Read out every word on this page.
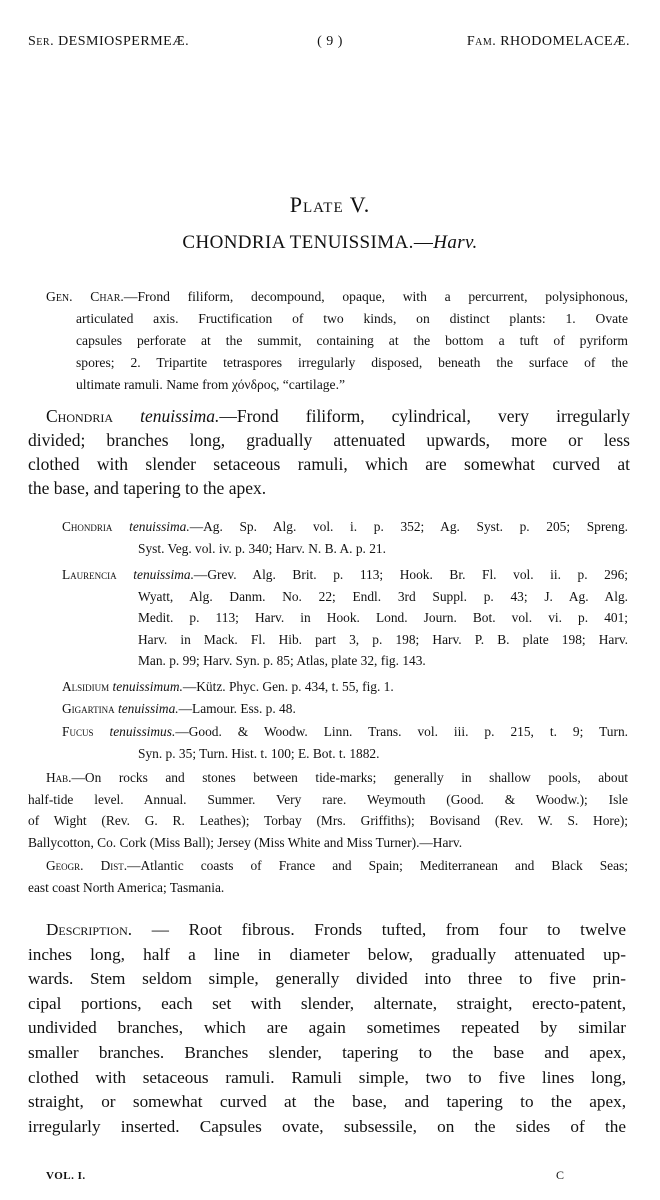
Ser. DESMIOSPERMEÆ.	( 9 )	Fam. RHODOMELACEÆ.
Plate V.
CHONDRIA TENUISSIMA.—Harv.
Gen. Char.—Frond filiform, decompound, opaque, with a percurrent, polysiphonous,
articulated axis. Fructification of two kinds, on distinct plants: 1. Ovate
capsules perforate at the summit, containing at the bottom a tuft of pyriform
spores; 2. Tripartite tetraspores irregularly disposed, beneath the surface of the
ultimate ramuli. Name from χόνδρος, “cartilage.”
Chondria tenuissima.—Frond filiform, cylindrical, very irregularly
divided; branches long, gradually attenuated upwards, more or less
clothed with slender setaceous ramuli, which are somewhat curved at
the base, and tapering to the apex.
Chondria tenuissima.—Ag. Sp. Alg. vol. i. p. 352; Ag. Syst. p. 205; Spreng.
Syst. Veg. vol. iv. p. 340; Harv. N. B. A. p. 21.
Laurencia tenuissima.—Grev. Alg. Brit. p. 113; Hook. Br. Fl. vol. ii. p. 296;
Wyatt, Alg. Danm. No. 22; Endl. 3rd Suppl. p. 43; J. Ag. Alg.
Medit. p. 113; Harv. in Hook. Lond. Journ. Bot. vol. vi. p. 401;
Harv. in Mack. Fl. Hib. part 3, p. 198; Harv. P. B. plate 198; Harv.
Man. p. 99; Harv. Syn. p. 85; Atlas, plate 32, fig. 143.
Alsidium tenuissimum.—Kütz. Phyc. Gen. p. 434, t. 55, fig. 1.
Gigartina tenuissima.—Lamour. Ess. p. 48.
Fucus tenuissimus.—Good. & Woodw. Linn. Trans. vol. iii. p. 215, t. 9; Turn.
Syn. p. 35; Turn. Hist. t. 100; E. Bot. t. 1882.
Hab.—On rocks and stones between tide-marks; generally in shallow pools, about
half-tide level. Annual. Summer. Very rare. Weymouth (Good. & Woodw.); Isle
of Wight (Rev. G. R. Leathes); Torbay (Mrs. Griffiths); Bovisand (Rev. W. S. Hore);
Ballycotton, Co. Cork (Miss Ball); Jersey (Miss White and Miss Turner).—Harv.
Geogr. Dist.—Atlantic coasts of France and Spain; Mediterranean and Black Seas;
east coast North America; Tasmania.
Description. — Root fibrous. Fronds tufted, from four to twelve
inches long, half a line in diameter below, gradually attenuated up-
wards. Stem seldom simple, generally divided into three to five prin-
cipal portions, each set with slender, alternate, straight, erecto-patent,
undivided branches, which are again sometimes repeated by similar
smaller branches. Branches slender, tapering to the base and apex,
clothed with setaceous ramuli. Ramuli simple, two to five lines long,
straight, or somewhat curved at the base, and tapering to the apex,
irregularly inserted. Capsules ovate, subsessile, on the sides of the
VOL. I.	C
